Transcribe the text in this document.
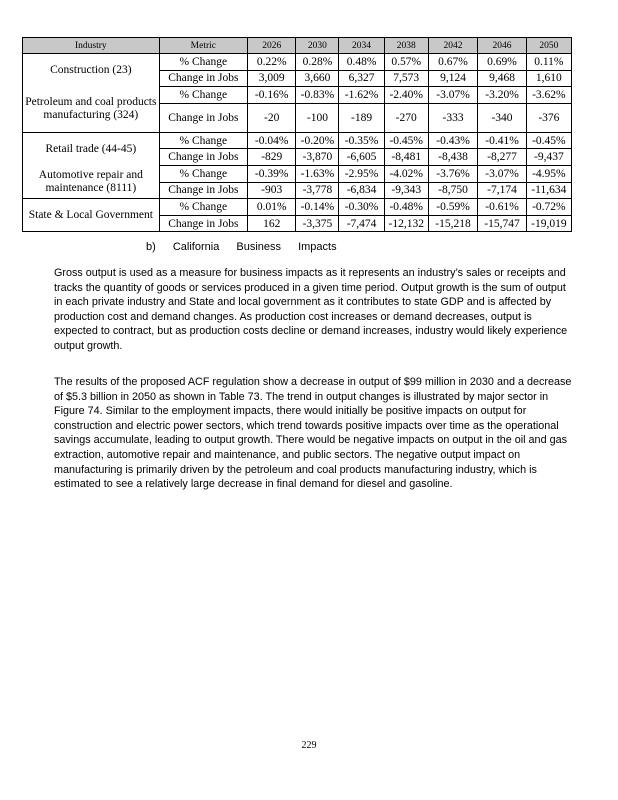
Industry	Metric	2026	2030	2034	2038	2042	2046	2050
Construction (23)	% Change	0.22%	0.28%	0.48%	0.57%	0.67%	0.69%	0.11%
	Change in Jobs	3,009	3,660	6,327	7,573	9,124	9,468	1,610
Petroleum and coal products manufacturing (324)	% Change	-0.16%	-0.83%	-1.62%	-2.40%	-3.07%	-3.20%	-3.62%
	Change in Jobs	-20	-100	-189	-270	-333	-340	-376
Retail trade (44-45)	% Change	-0.04%	-0.20%	-0.35%	-0.45%	-0.43%	-0.41%	-0.45%
	Change in Jobs	-829	-3,870	-6,605	-8,481	-8,438	-8,277	-9,437
Automotive repair and maintenance (8111)	% Change	-0.39%	-1.63%	-2.95%	-4.02%	-3.76%	-3.07%	-4.95%
	Change in Jobs	-903	-3,778	-6,834	-9,343	-8,750	-7,174	-11,634
State & Local Government	% Change	0.01%	-0.14%	-0.30%	-0.48%	-0.59%	-0.61%	-0.72%
	Change in Jobs	162	-3,375	-7,474	-12,132	-15,218	-15,747	-19,019
b) California Business Impacts

Gross output is used as a measure for business impacts as it represents an industry’s sales or receipts and tracks the quantity of goods or services produced in a given time period. Output growth is the sum of output in each private industry and State and local government as it contributes to state GDP and is affected by production cost and demand changes. As production cost increases or demand decreases, output is expected to contract, but as production costs decline or demand increases, industry would likely experience output growth.

The results of the proposed ACF regulation show a decrease in output of $99 million in 2030 and a decrease of $5.3 billion in 2050 as shown in Table 73. The trend in output changes is illustrated by major sector in Figure 74. Similar to the employment impacts, there would initially be positive impacts on output for construction and electric power sectors, which trend towards positive impacts over time as the operational savings accumulate, leading to output growth. There would be negative impacts on output in the oil and gas extraction, automotive repair and maintenance, and public sectors. The negative output impact on manufacturing is primarily driven by the petroleum and coal products manufacturing industry, which is estimated to see a relatively large decrease in final demand for diesel and gasoline.

229
